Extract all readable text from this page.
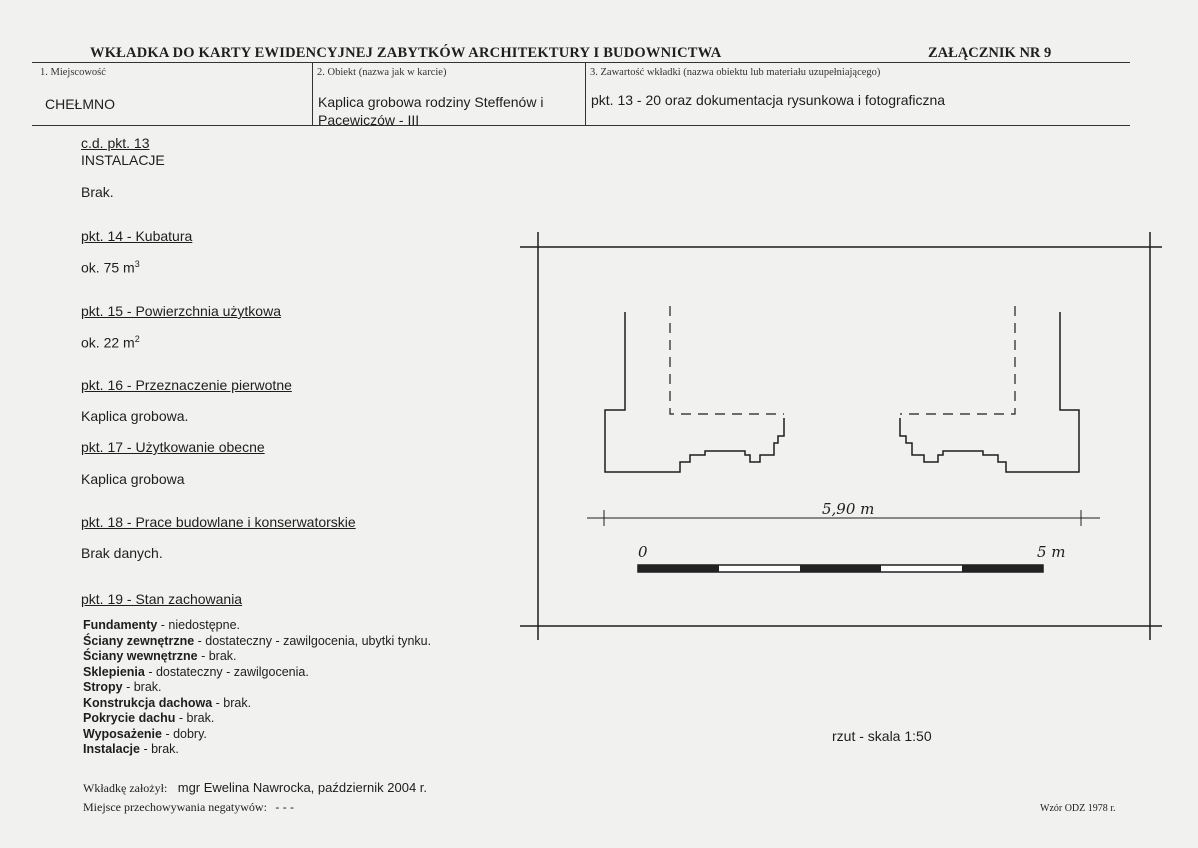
WKŁADKA DO KARTY EWIDENCYJNEJ ZABYTKÓW ARCHITEKTURY I BUDOWNICTWA	ZAŁĄCZNIK NR 9
1. Miejscowość
CHEŁMNO
2. Obiekt (nazwa jak w karcie)
Kaplica grobowa rodziny Steffenów i
Pacewiczów - III
3. Zawartość wkładki (nazwa obiektu lub materiału uzupełniającego)
pkt. 13 - 20 oraz dokumentacja rysunkowa i fotograficzna
c.d. pkt. 13
INSTALACJE
Brak.
pkt. 14 - Kubatura
ok. 75 $m^3$
pkt. 15 - Powierzchnia użytkowa
ok. 22 $m^2$
pkt. 16 - Przeznaczenie pierwotne
Kaplica grobowa.
pkt. 17 - Użytkowanie obecne
Kaplica grobowa
pkt. 18 - Prace budowlane i konserwatorskie
Brak danych.
pkt. 19 - Stan zachowania
Fundamenty - niedostępne.
Ściany zewnętrzne - dostateczny - zawilgocenia, ubytki tynku.
Ściany wewnętrzne - brak.
Sklepienia - dostateczny - zawilgocenia.
Stropy - brak.
Konstrukcja dachowa - brak.
Pokrycie dachu - brak.
Wyposażenie - dobry.
Instalacje - brak.
Wkładkę założył: mgr Ewelina Nawrocka, październik 2004 r.
Miejsce przechowywania negatywów: - - -	Wzór ODZ 1978 r.
5,90 m
0	5 m
rzut - skala 1:50
